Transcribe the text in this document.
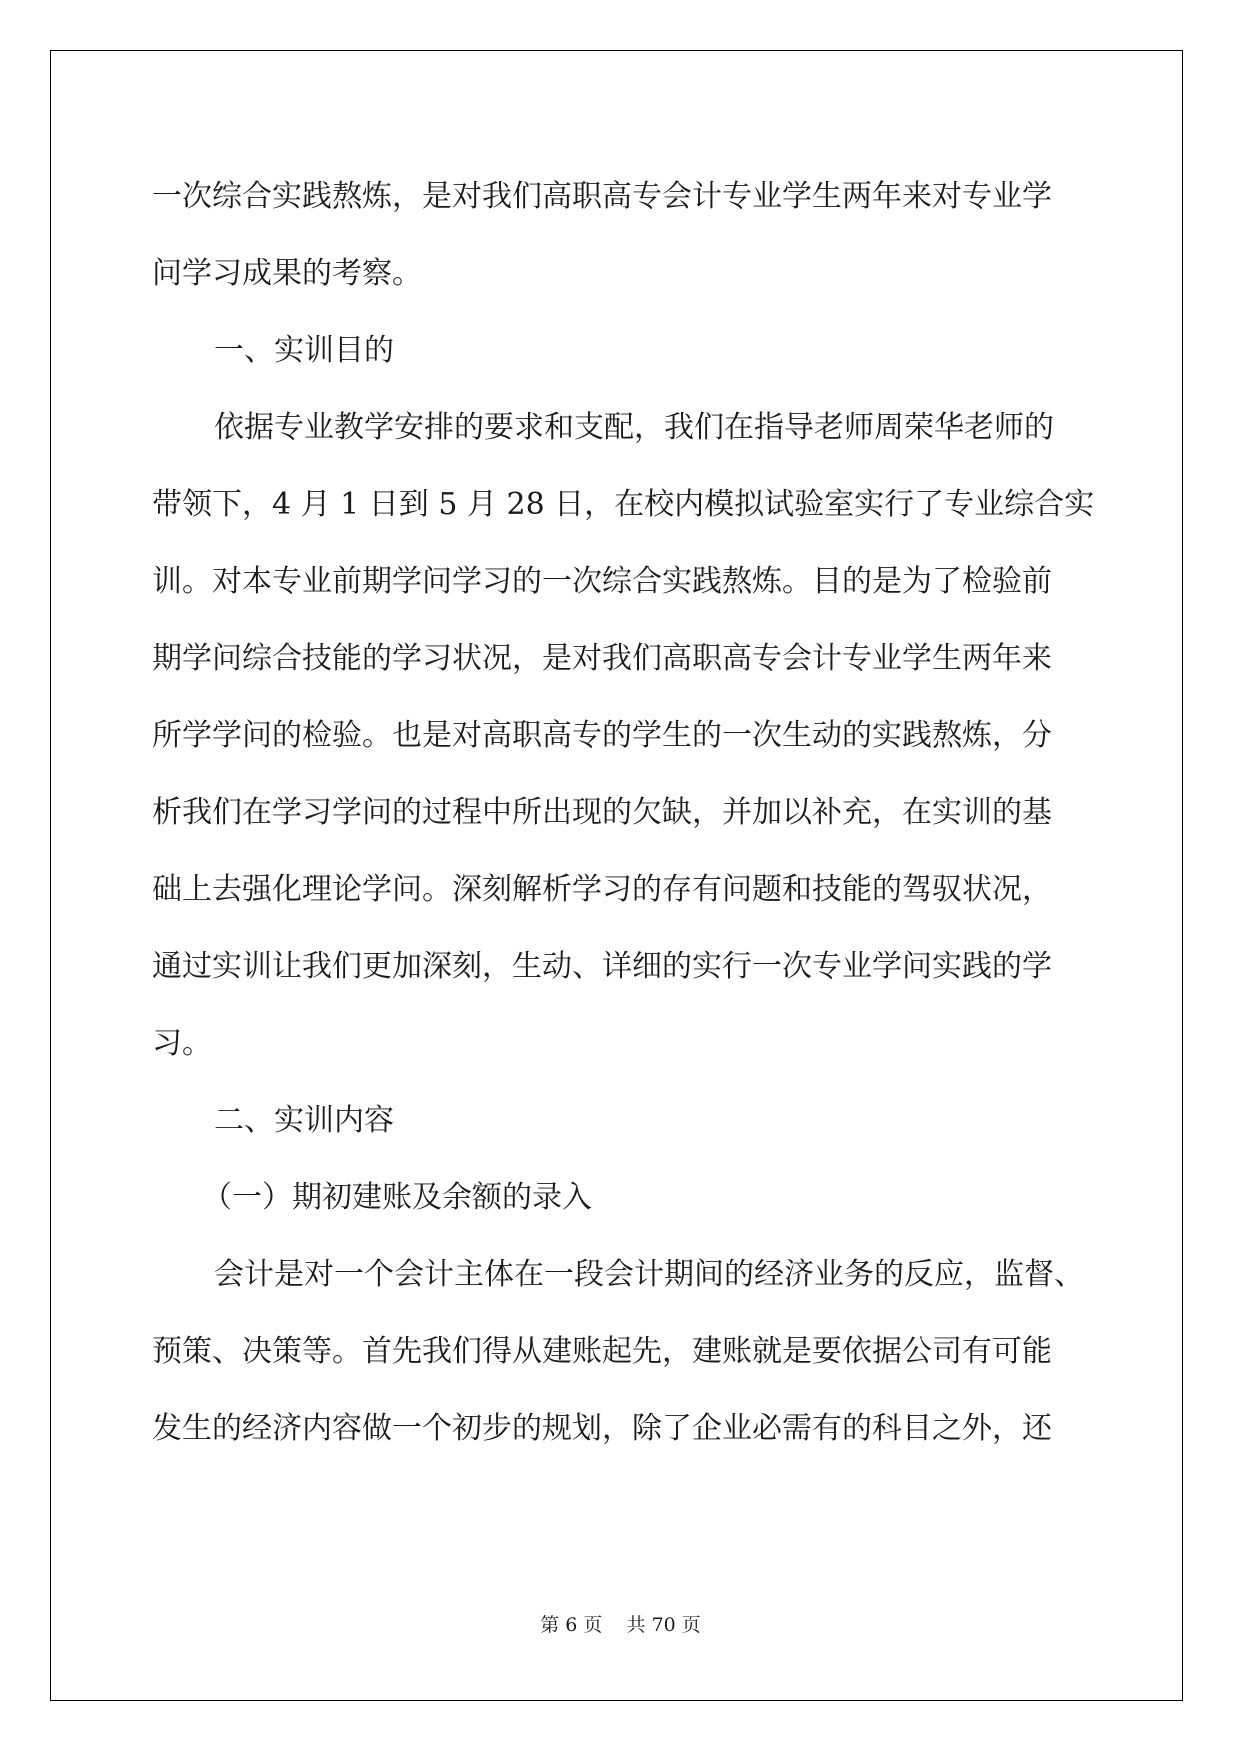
一次综合实践熬炼，是对我们高职高专会计专业学生两年来对专业学
问学习成果的考察。
一、实训目的
依据专业教学安排的要求和支配，我们在指导老师周荣华老师的
带领下，4 月 1 日到 5 月 28 日，在校内模拟试验室实行了专业综合实
训。对本专业前期学问学习的一次综合实践熬炼。目的是为了检验前
期学问综合技能的学习状况，是对我们高职高专会计专业学生两年来
所学学问的检验。也是对高职高专的学生的一次生动的实践熬炼，分
析我们在学习学问的过程中所出现的欠缺，并加以补充，在实训的基
础上去强化理论学问。深刻解析学习的存有问题和技能的驾驭状况，
通过实训让我们更加深刻，生动、详细的实行一次专业学问实践的学
习。
二、实训内容
（一）期初建账及余额的录入
会计是对一个会计主体在一段会计期间的经济业务的反应，监督、
预策、决策等。首先我们得从建账起先，建账就是要依据公司有可能
发生的经济内容做一个初步的规划，除了企业必需有的科目之外，还
第 6 页 共 70 页
